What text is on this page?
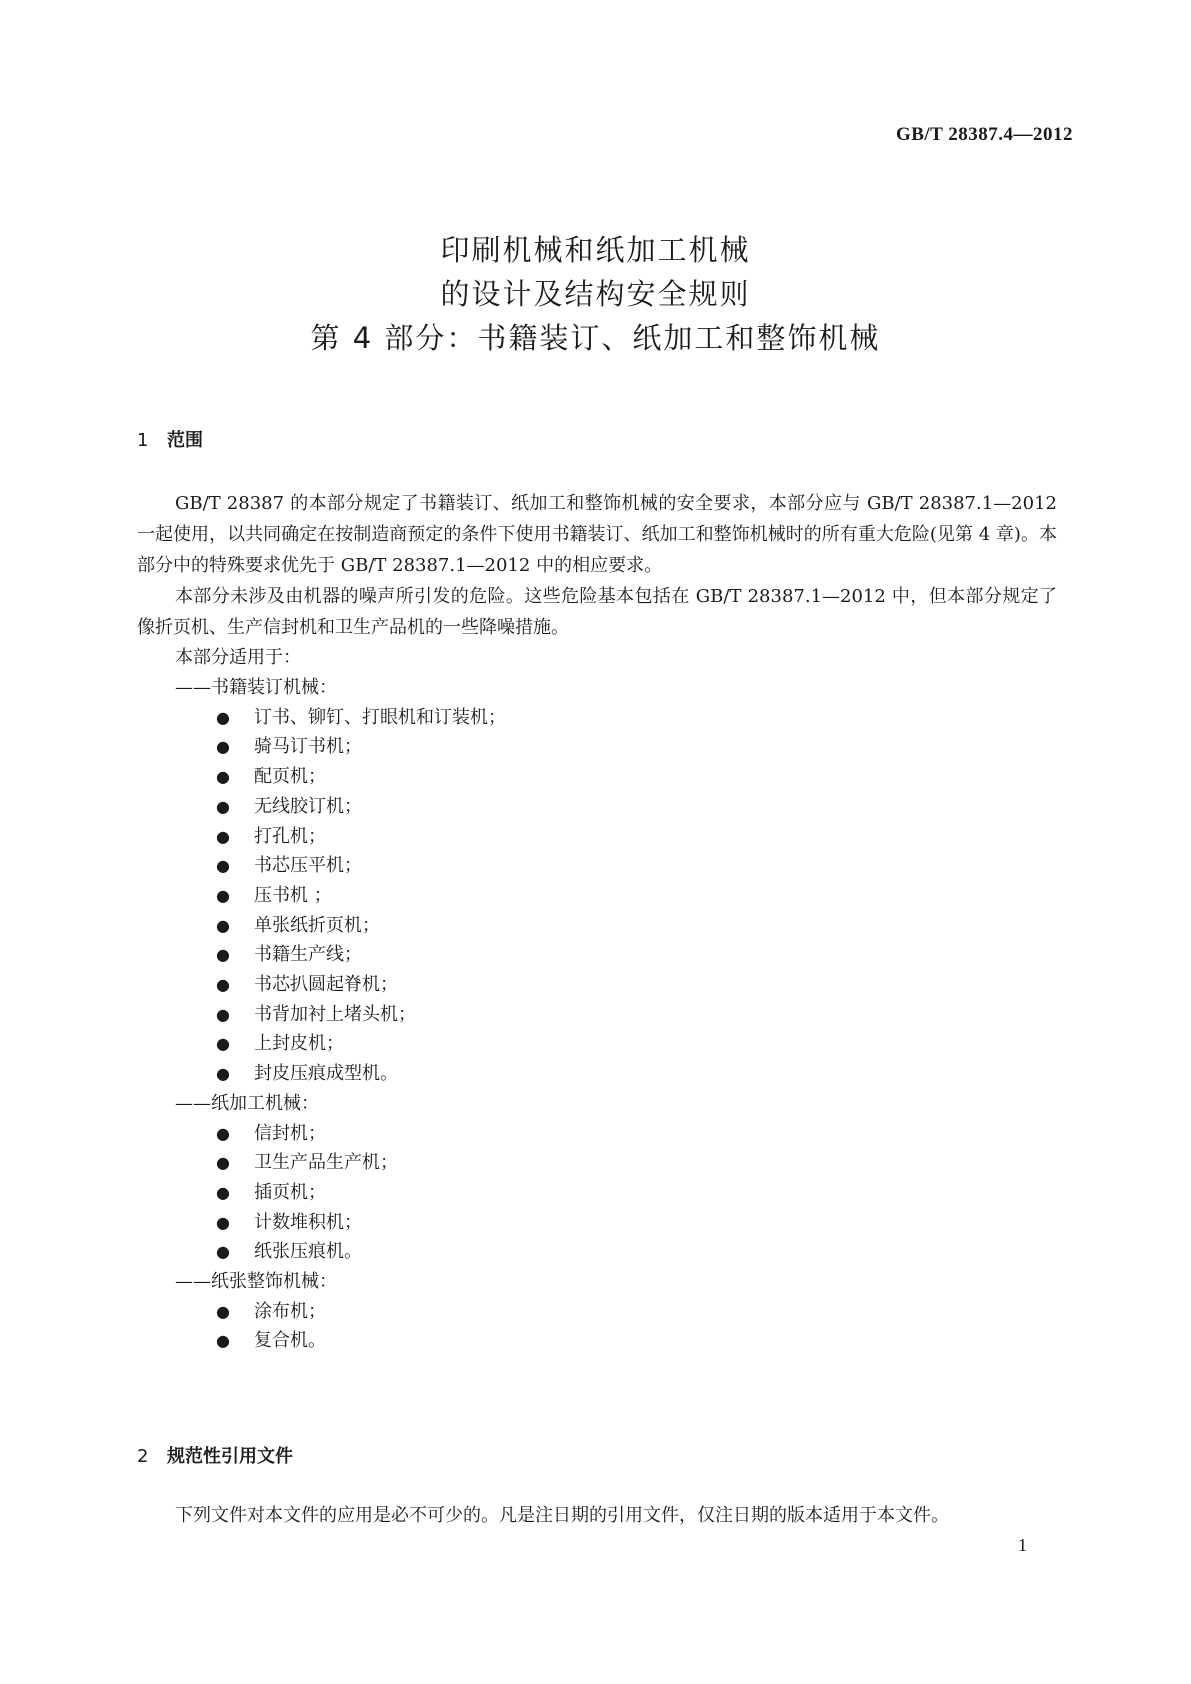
GB/T 28387.4—2012
印刷机械和纸加工机械
的设计及结构安全规则
第 4 部分：书籍装订、纸加工和整饰机械
1 范围
GB/T 28387 的本部分规定了书籍装订、纸加工和整饰机械的安全要求，本部分应与 GB/T 28387.1—2012 一起使用，以共同确定在按制造商预定的条件下使用书籍装订、纸加工和整饰机械时的所有重大危险(见第 4 章)。本部分中的特殊要求优先于 GB/T 28387.1—2012 中的相应要求。
本部分未涉及由机器的噪声所引发的危险。这些危险基本包括在 GB/T 28387.1—2012 中，但本部分规定了像折页机、生产信封机和卫生产品机的一些降噪措施。
本部分适用于：
——书籍装订机械：
● 订书、铆钉、打眼机和订装机；
● 骑马订书机；
● 配页机；
● 无线胶订机；
● 打孔机；
● 书芯压平机；
● 压书机 ；
● 单张纸折页机；
● 书籍生产线；
● 书芯扒圆起脊机；
● 书背加衬上堵头机；
● 上封皮机；
● 封皮压痕成型机。
——纸加工机械：
● 信封机；
● 卫生产品生产机；
● 插页机；
● 计数堆积机；
● 纸张压痕机。
——纸张整饰机械：
● 涂布机；
● 复合机。
2 规范性引用文件
下列文件对本文件的应用是必不可少的。凡是注日期的引用文件，仅注日期的版本适用于本文件。
1
